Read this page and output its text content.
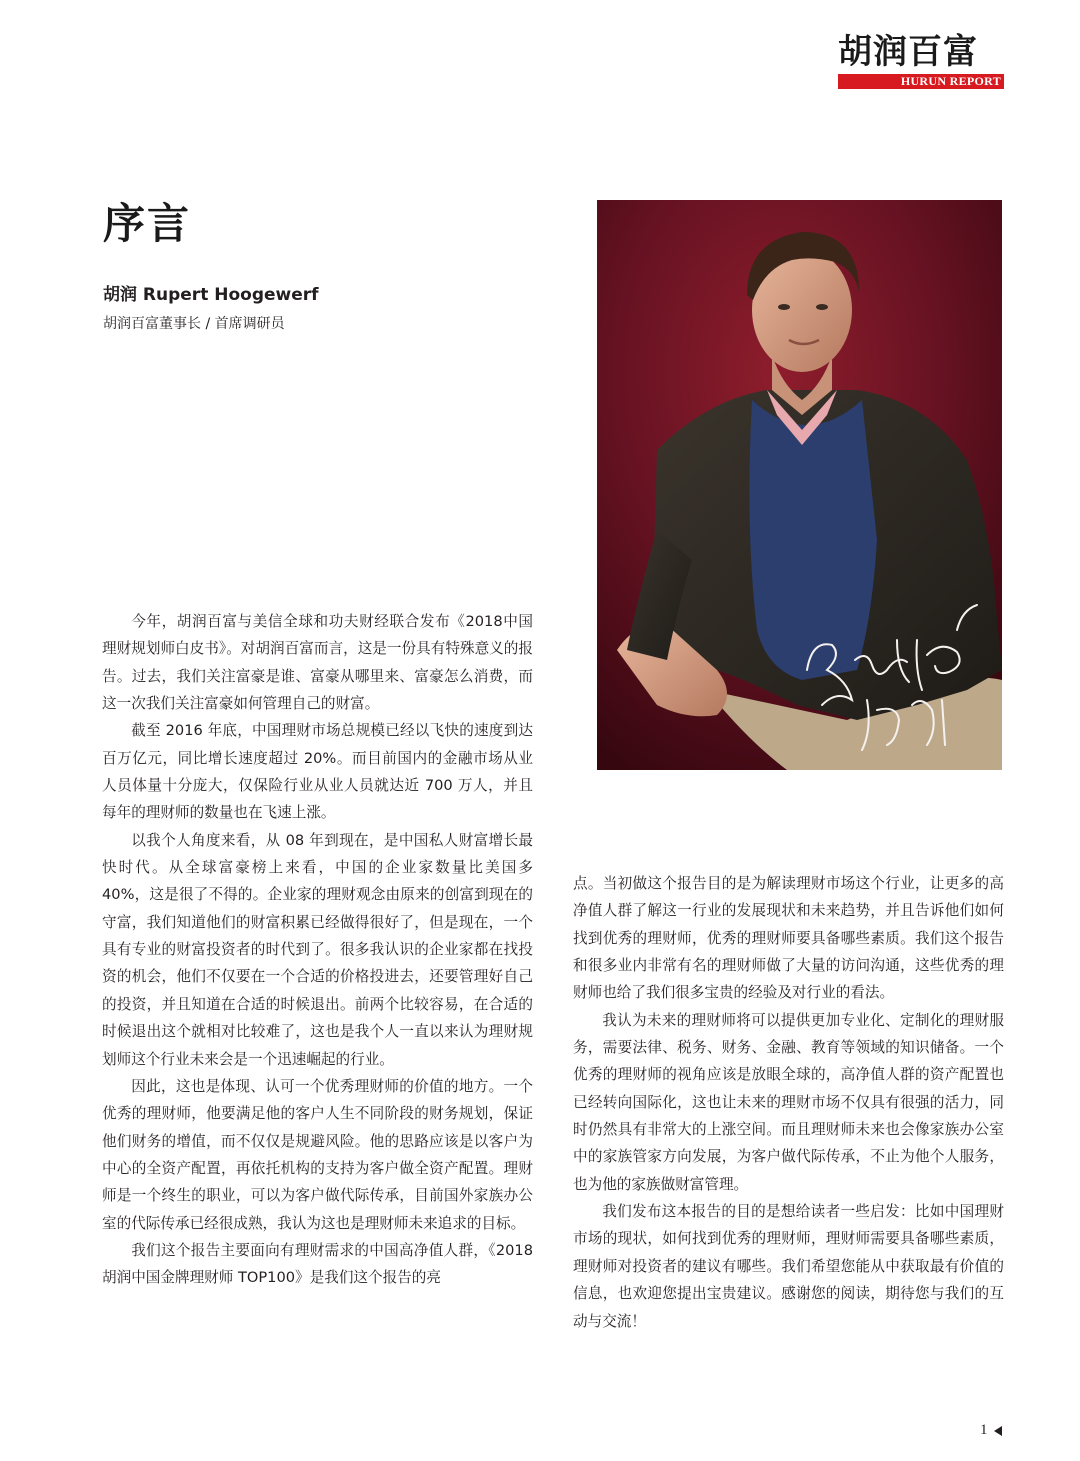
胡润百富
HURUN REPORT
序言
胡润 Rupert Hoogewerf
胡润百富董事长 / 首席调研员

今年，胡润百富与美信全球和功夫财经联合发布《2018中国理财规划师白皮书》。对胡润百富而言，这是一份具有特殊意义的报告。过去，我们关注富豪是谁、富豪从哪里来、富豪怎么消费，而这一次我们关注富豪如何管理自己的财富。

截至 2016 年底，中国理财市场总规模已经以飞快的速度到达百万亿元，同比增长速度超过 20%。而目前国内的金融市场从业人员体量十分庞大，仅保险行业从业人员就达近 700 万人，并且每年的理财师的数量也在飞速上涨。

以我个人角度来看，从 08 年到现在，是中国私人财富增长最快时代。从全球富豪榜上来看，中国的企业家数量比美国多 40%，这是很了不得的。企业家的理财观念由原来的创富到现在的守富，我们知道他们的财富积累已经做得很好了，但是现在，一个具有专业的财富投资者的时代到了。很多我认识的企业家都在找投资的机会，他们不仅要在一个合适的价格投进去，还要管理好自己的投资，并且知道在合适的时候退出。前两个比较容易，在合适的时候退出这个就相对比较难了，这也是我个人一直以来认为理财规划师这个行业未来会是一个迅速崛起的行业。

因此，这也是体现、认可一个优秀理财师的价值的地方。一个优秀的理财师，他要满足他的客户人生不同阶段的财务规划，保证他们财务的增值，而不仅仅是规避风险。他的思路应该是以客户为中心的全资产配置，再依托机构的支持为客户做全资产配置。理财师是一个终生的职业，可以为客户做代际传承，目前国外家族办公室的代际传承已经很成熟，我认为这也是理财师未来追求的目标。

我们这个报告主要面向有理财需求的中国高净值人群，《2018 胡润中国金牌理财师 TOP100》是我们这个报告的亮

点。当初做这个报告目的是为解读理财市场这个行业，让更多的高净值人群了解这一行业的发展现状和未来趋势，并且告诉他们如何找到优秀的理财师，优秀的理财师要具备哪些素质。我们这个报告和很多业内非常有名的理财师做了大量的访问沟通，这些优秀的理财师也给了我们很多宝贵的经验及对行业的看法。

我认为未来的理财师将可以提供更加专业化、定制化的理财服务，需要法律、税务、财务、金融、教育等领域的知识储备。一个优秀的理财师的视角应该是放眼全球的，高净值人群的资产配置也已经转向国际化，这也让未来的理财市场不仅具有很强的活力，同时仍然具有非常大的上涨空间。而且理财师未来也会像家族办公室中的家族管家方向发展，为客户做代际传承，不止为他个人服务，也为他的家族做财富管理。

我们发布这本报告的目的是想给读者一些启发：比如中国理财市场的现状，如何找到优秀的理财师，理财师需要具备哪些素质，理财师对投资者的建议有哪些。我们希望您能从中获取最有价值的信息，也欢迎您提出宝贵建议。感谢您的阅读，期待您与我们的互动与交流！

1
